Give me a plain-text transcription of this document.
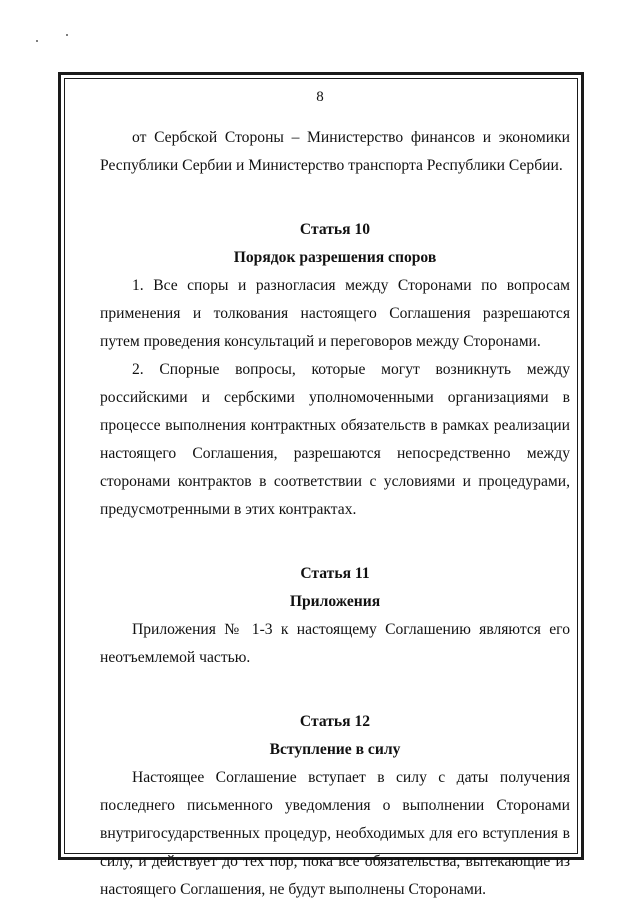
8

от Сербской Стороны – Министерство финансов и экономики Республики Сербии и Министерство транспорта Республики Сербии.

Статья 10

Порядок разрешения споров

1. Все споры и разногласия между Сторонами по вопросам применения и толкования настоящего Соглашения разрешаются путем проведения консультаций и переговоров между Сторонами.

2. Спорные вопросы, которые могут возникнуть между российскими и сербскими уполномоченными организациями в процессе выполнения контрактных обязательств в рамках реализации настоящего Соглашения, разрешаются непосредственно между сторонами контрактов в соответствии с условиями и процедурами, предусмотренными в этих контрактах.

Статья 11

Приложения

Приложения № 1-3 к настоящему Соглашению являются его неотъемлемой частью.

Статья 12

Вступление в силу

Настоящее Соглашение вступает в силу с даты получения последнего письменного уведомления о выполнении Сторонами внутригосударственных процедур, необходимых для его вступления в силу, и действует до тех пор, пока все обязательства, вытекающие из настоящего Соглашения, не будут выполнены Сторонами.
